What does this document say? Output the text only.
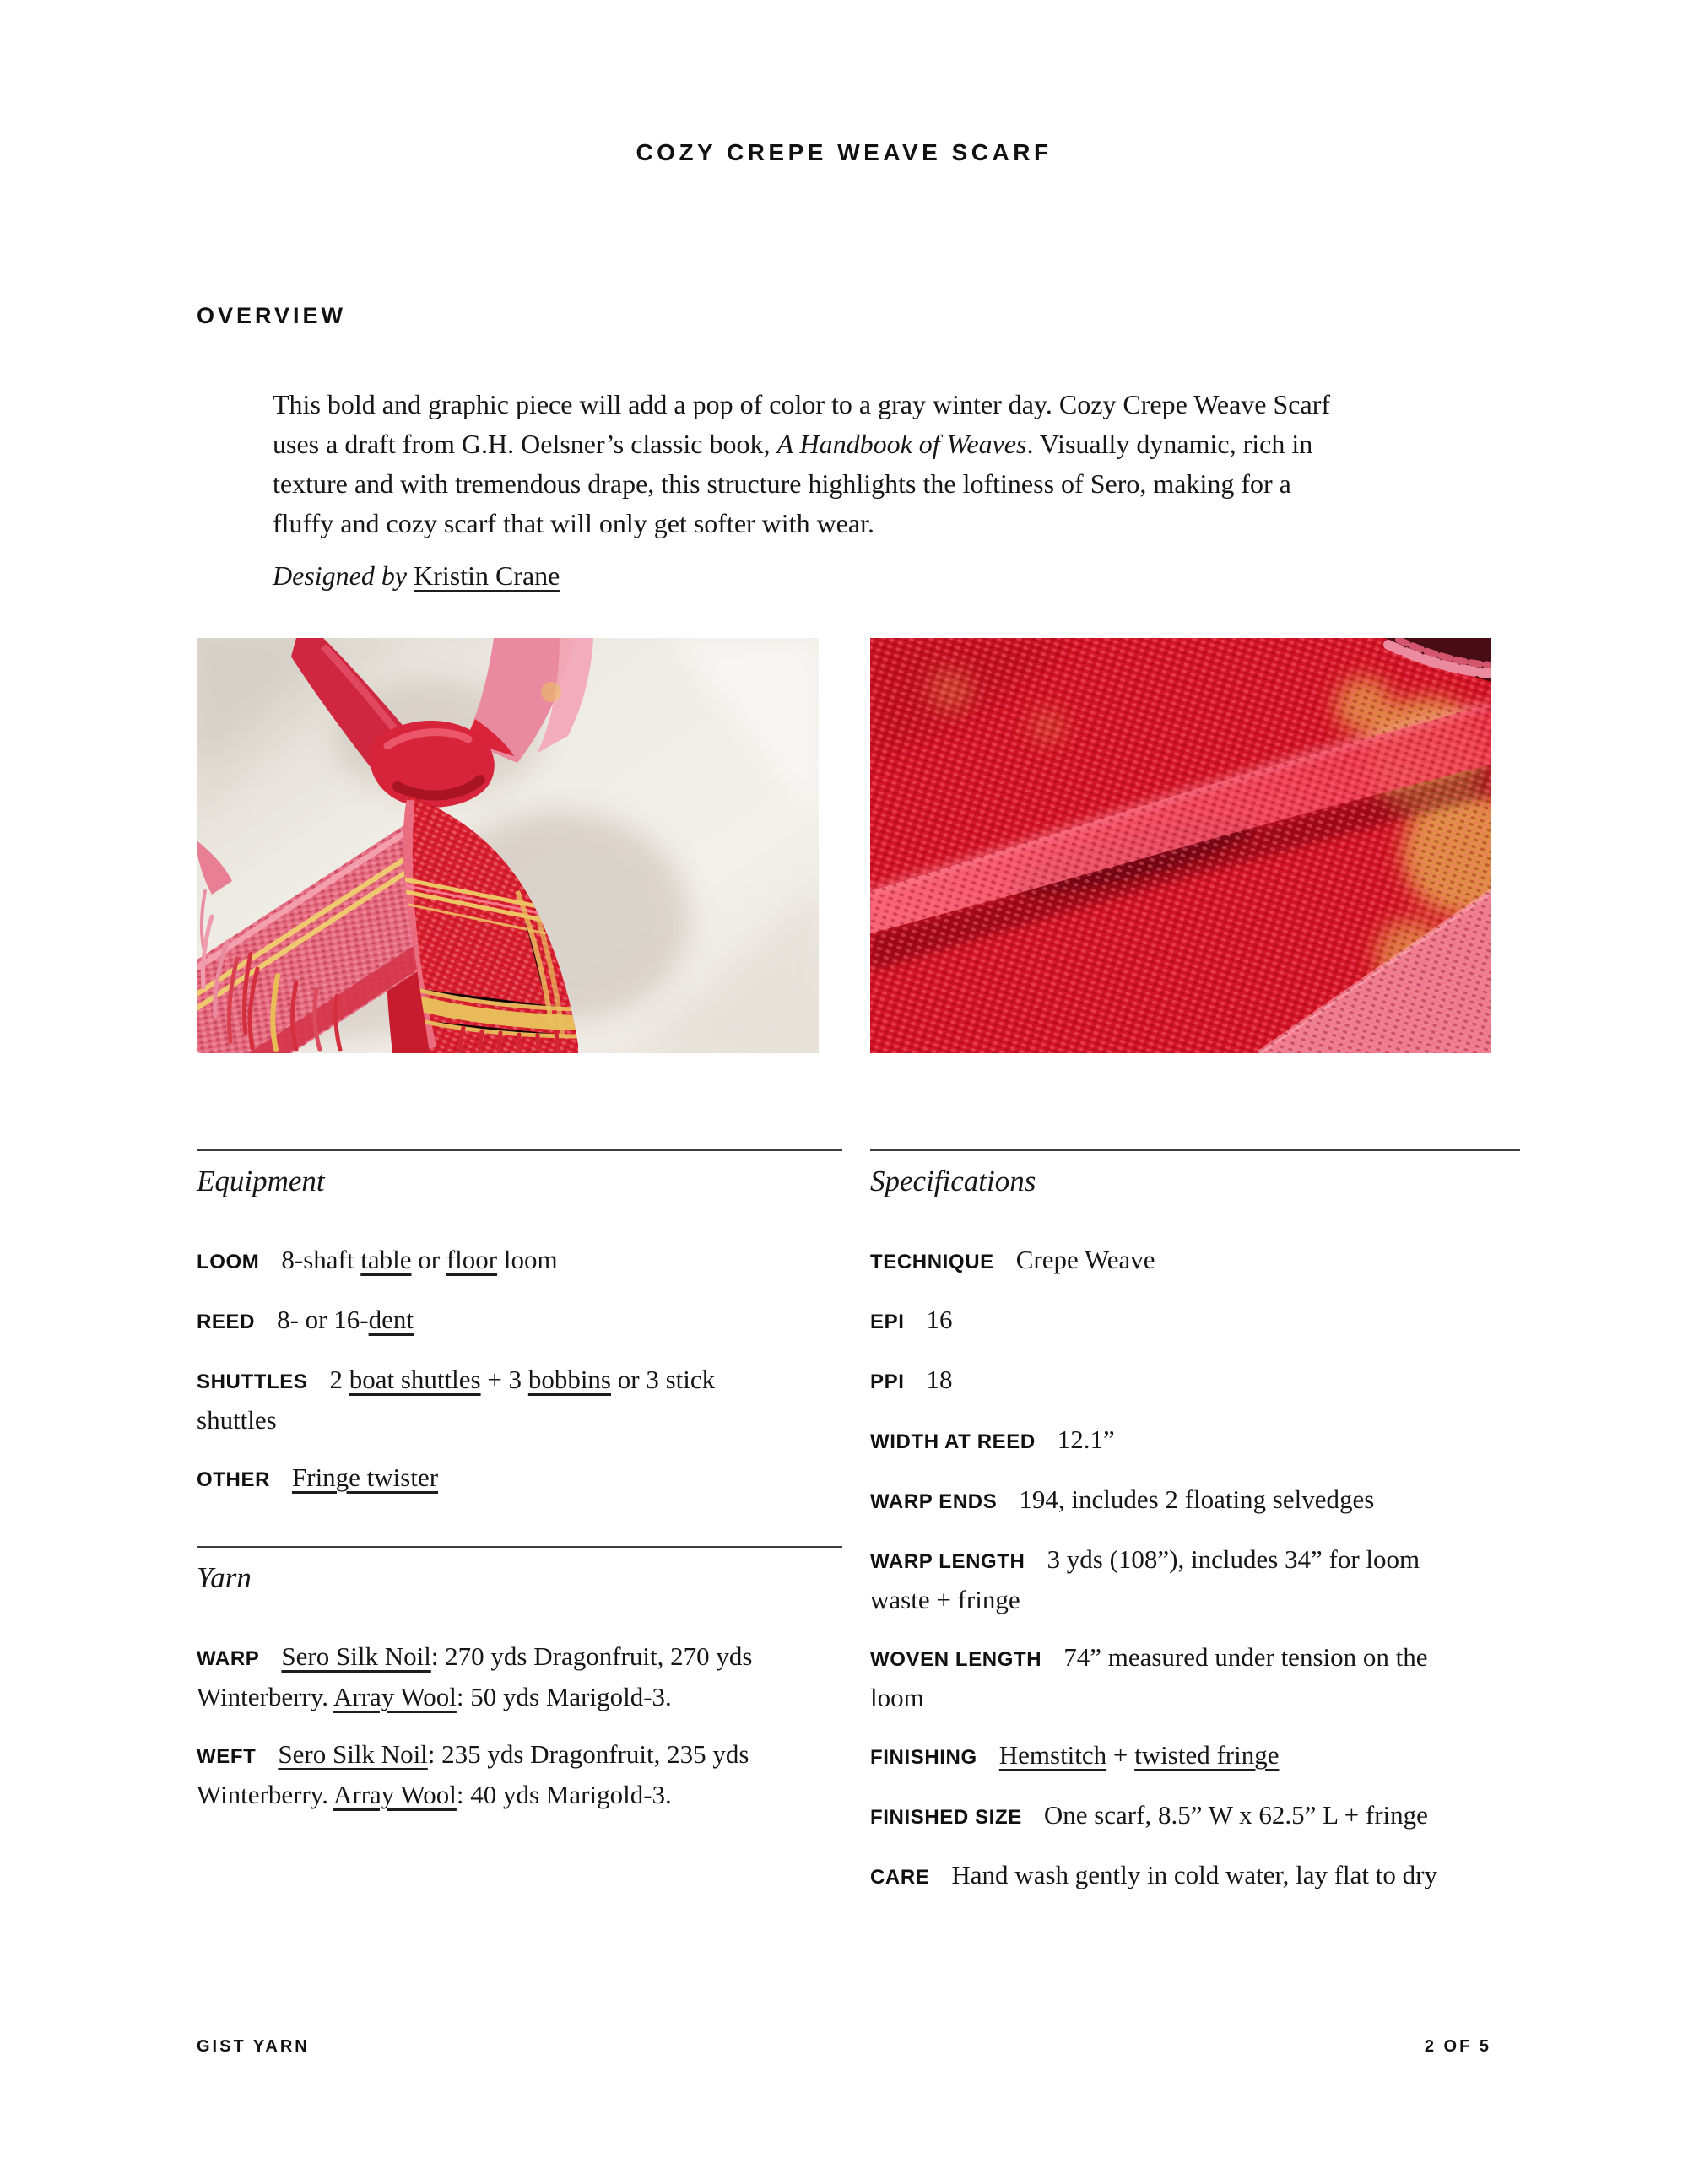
COZY CREPE WEAVE SCARF
OVERVIEW

This bold and graphic piece will add a pop of color to a gray winter day. Cozy Crepe Weave Scarf
uses a draft from G.H. Oelsner’s classic book, A Handbook of Weaves. Visually dynamic, rich in
texture and with tremendous drape, this structure highlights the loftiness of Sero, making for a
fluffy and cozy scarf that will only get softer with wear.

Designed by Kristin Crane

Equipment

LOOM 8-shaft table or floor loom

REED 8- or 16-dent

SHUTTLES 2 boat shuttles + 3 bobbins or 3 stick
shuttles

OTHER Fringe twister

Yarn

WARP Sero Silk Noil: 270 yds Dragonfruit, 270 yds
Winterberry. Array Wool: 50 yds Marigold-3.

WEFT Sero Silk Noil: 235 yds Dragonfruit, 235 yds
Winterberry. Array Wool: 40 yds Marigold-3.

Specifications

TECHNIQUE Crepe Weave

EPI 16

PPI 18

WIDTH AT REED 12.1”

WARP ENDS 194, includes 2 floating selvedges

WARP LENGTH 3 yds (108”), includes 34” for loom
waste + fringe

WOVEN LENGTH 74” measured under tension on the
loom

FINISHING Hemstitch + twisted fringe

FINISHED SIZE One scarf, 8.5” W x 62.5” L + fringe

CARE Hand wash gently in cold water, lay flat to dry

GIST YARN	2 OF 5
